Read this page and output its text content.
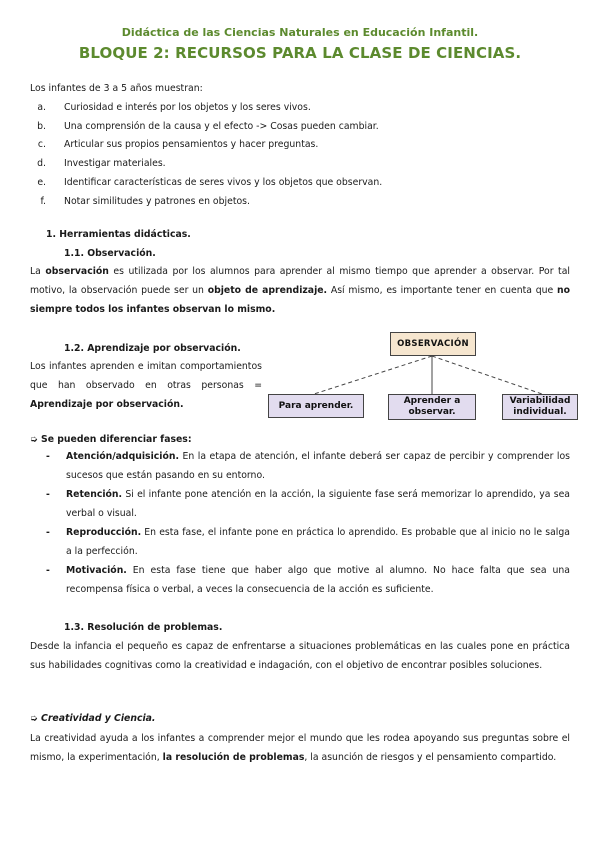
Didáctica de las Ciencias Naturales en Educación Infantil.
BLOQUE 2: RECURSOS PARA LA CLASE DE CIENCIAS.
Los infantes de 3 a 5 años muestran:
a. Curiosidad e interés por los objetos y los seres vivos.
b. Una comprensión de la causa y el efecto -> Cosas pueden cambiar.
c. Articular sus propios pensamientos y hacer preguntas.
d. Investigar materiales.
e. Identificar características de seres vivos y los objetos que observan.
f. Notar similitudes y patrones en objetos.
1. Herramientas didácticas.
1.1. Observación.
La observación es utilizada por los alumnos para aprender al mismo tiempo que aprender a observar. Por tal motivo, la observación puede ser un objeto de aprendizaje. Así mismo, es importante tener en cuenta que no siempre todos los infantes observan lo mismo.
1.2. Aprendizaje por observación.
Los infantes aprenden e imitan comportamientos que han observado en otras personas = Aprendizaje por observación.
OBSERVACIÓN
Para aprender.	Aprender a observar.
Variabilidad individual.
➭ Se pueden diferenciar fases:
- Atención/adquisición. En la etapa de atención, el infante deberá ser capaz de percibir y comprender los sucesos que están pasando en su entorno.
- Retención. Si el infante pone atención en la acción, la siguiente fase será memorizar lo aprendido, ya sea verbal o visual.
- Reproducción. En esta fase, el infante pone en práctica lo aprendido. Es probable que al inicio no le salga a la perfección.
- Motivación. En esta fase tiene que haber algo que motive al alumno. No hace falta que sea una recompensa física o verbal, a veces la consecuencia de la acción es suficiente.
1.3. Resolución de problemas.
Desde la infancia el pequeño es capaz de enfrentarse a situaciones problemáticas en las cuales pone en práctica sus habilidades cognitivas como la creatividad e indagación, con el objetivo de encontrar posibles soluciones.
➭ Creatividad y Ciencia.
La creatividad ayuda a los infantes a comprender mejor el mundo que les rodea apoyando sus preguntas sobre el mismo, la experimentación, la resolución de problemas, la asunción de riesgos y el pensamiento compartido.
